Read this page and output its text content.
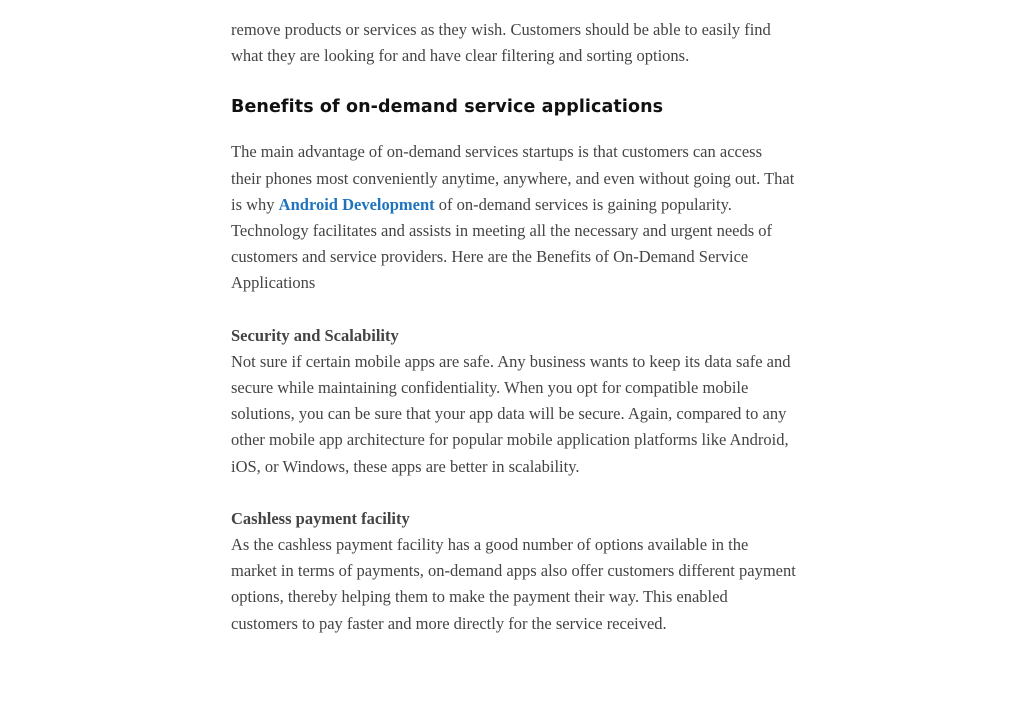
remove products or services as they wish. Customers should be able to easily find what they are looking for and have clear filtering and sorting options.

Benefits of on-demand service applications

The main advantage of on-demand services startups is that customers can access their phones most conveniently anytime, anywhere, and even without going out. That is why Android Development of on-demand services is gaining popularity. Technology facilitates and assists in meeting all the necessary and urgent needs of customers and service providers. Here are the Benefits of On-Demand Service Applications

Security and Scalability

Not sure if certain mobile apps are safe. Any business wants to keep its data safe and secure while maintaining confidentiality. When you opt for compatible mobile solutions, you can be sure that your app data will be secure. Again, compared to any other mobile app architecture for popular mobile application platforms like Android, iOS, or Windows, these apps are better in scalability.

Cashless payment facility

As the cashless payment facility has a good number of options available in the market in terms of payments, on-demand apps also offer customers different payment options, thereby helping them to make the payment their way. This enabled customers to pay faster and more directly for the service received.
